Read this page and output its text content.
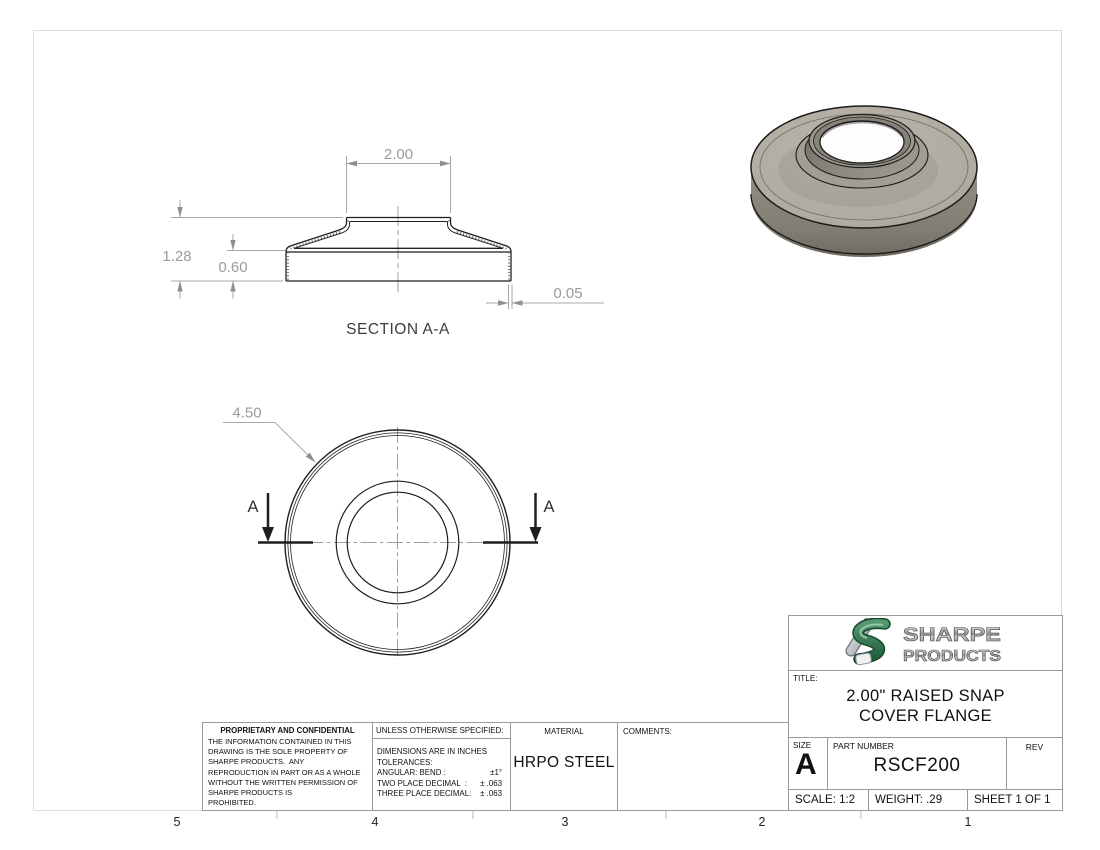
2.00
1.28
0.60
0.05
4.50
SECTION A-A
A	A
PROPRIETARY AND CONFIDENTIAL
THE INFORMATION CONTAINED IN THIS
DRAWING IS THE SOLE PROPERTY OF
SHARPE PRODUCTS.  ANY
REPRODUCTION IN PART OR AS A WHOLE
WITHOUT THE WRITTEN PERMISSION OF
SHARPE PRODUCTS IS
PROHIBITED.
UNLESS OTHERWISE SPECIFIED:
DIMENSIONS ARE IN INCHES
TOLERANCES:
ANGULAR: BEND :	±1°
TWO PLACE DECIMAL  : ± .063
THREE PLACE DECIMAL: ± .063
MATERIAL
HRPO STEEL
COMMENTS:
SHARPE
PRODUCTS
TITLE:
2.00" RAISED SNAP
COVER FLANGE
SIZE
A
PART NUMBER
RSCF200
REV
SCALE: 1:2	WEIGHT: .29	SHEET 1 OF 1
5	4	3	2	1
